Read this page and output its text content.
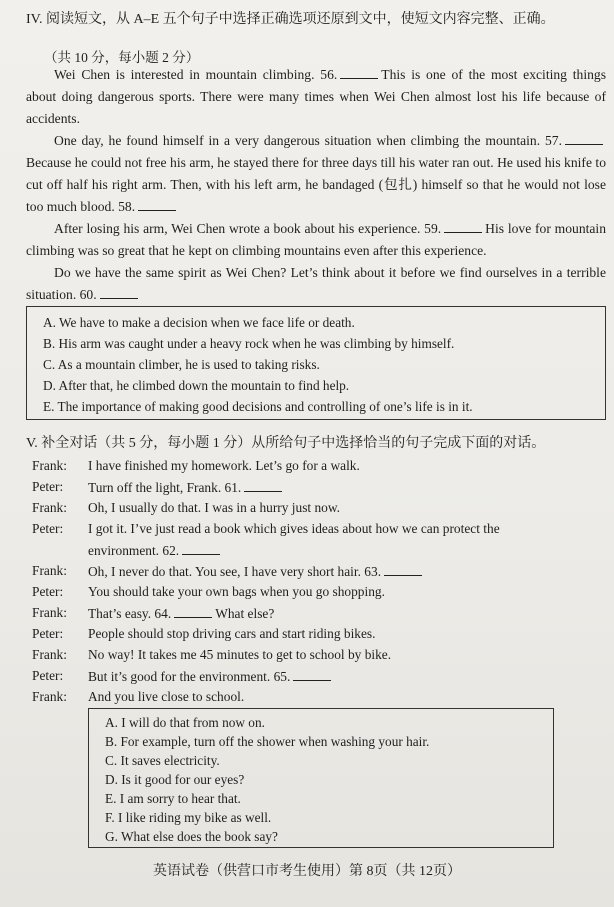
IV. 阅读短文，从 A–E 五个句子中选择正确选项还原到文中，使短文内容完整、正确。
（共 10 分，每小题 2 分）

Wei Chen is interested in mountain climbing. 56.	This is one of the most exciting things about doing dangerous sports. There were many times when Wei Chen almost lost his life because of accidents.

One day, he found himself in a very dangerous situation when climbing the mountain. 57.Because he could not free his arm, he stayed there for three days till his water ran out. He used his knife to cut off half his right arm. Then, with his left arm, he bandaged (包扎) himself so that he would not lose too much blood. 58.

After losing his arm, Wei Chen wrote a book about his experience. 59.	His love for mountain climbing was so great that he kept on climbing mountains even after this experience.

Do we have the same spirit as Wei Chen? Let’s think about it before we find ourselves in a terrible situation. 60.

A. We have to make a decision when we face life or death.
B. His arm was caught under a heavy rock when he was climbing by himself.
C. As a mountain climber, he is used to taking risks.
D. After that, he climbed down the mountain to find help.
E. The importance of making good decisions and controlling of one’s life is in it.
V. 补全对话（共 5 分，每小题 1 分）从所给句子中选择恰当的句子完成下面的对话。
Frank: I have finished my homework. Let’s go for a walk.
Peter: Turn off the light, Frank. 61.
Frank: Oh, I usually do that. I was in a hurry just now.
Peter: I got it. I’ve just read a book which gives ideas about how we can protect the
environment. 62.
Frank: Oh, I never do that. You see, I have very short hair. 63.
Peter: You should take your own bags when you go shopping.
Frank: That’s easy. 64.	What else?
Peter: People should stop driving cars and start riding bikes.
Frank: No way! It takes me 45 minutes to get to school by bike.
Peter: But it’s good for the environment. 65.
Frank: And you live close to school.
A. I will do that from now on.
B. For example, turn off the shower when washing your hair.
C. It saves electricity.
D. Is it good for our eyes?
E. I am sorry to hear that.
F. I like riding my bike as well.
G. What else does the book say?
英语试卷（供营口市考生使用）第 8页（共 12页）
